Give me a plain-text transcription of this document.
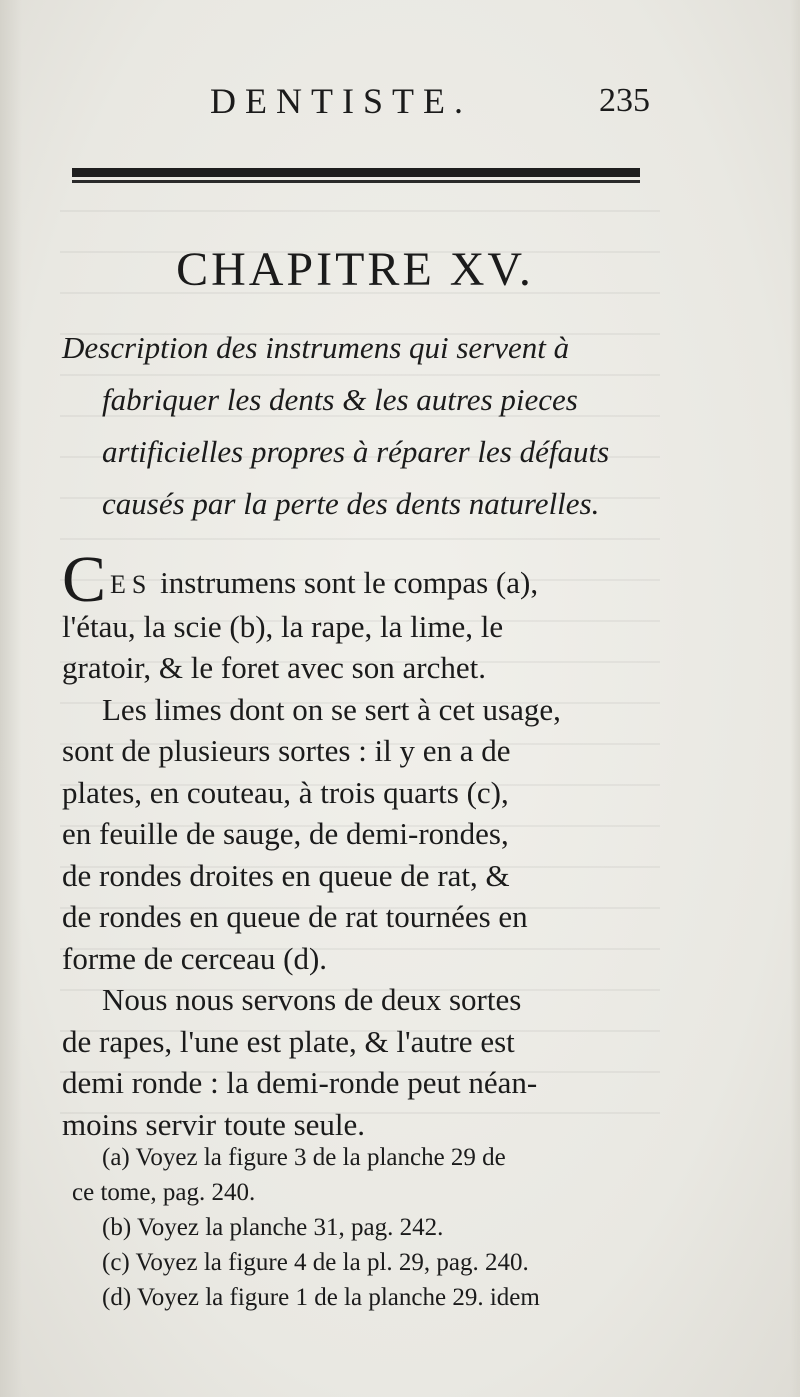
DENTISTE.	235
CHAPITRE XV.
Description des instrumens qui servent à
fabriquer les dents & les autres pieces
artificielles propres à réparer les défauts
causés par la perte des dents naturelles.
CES instrumens sont le compas (a),
l'étau, la scie (b), la rape, la lime, le
gratoir, & le foret avec son archet.
Les limes dont on se sert à cet usage,
sont de plusieurs sortes : il y en a de
plates, en couteau, à trois quarts (c),
en feuille de sauge, de demi-rondes,
de rondes droites en queue de rat, &
de rondes en queue de rat tournées en
forme de cerceau (d).
Nous nous servons de deux sortes
de rapes, l'une est plate, & l'autre est
demi ronde : la demi-ronde peut néan-
moins servir toute seule.
(a) Voyez la figure 3 de la planche 29 de
ce tome, pag. 240.
(b) Voyez la planche 31, pag. 242.
(c) Voyez la figure 4 de la pl. 29, pag. 240.
(d) Voyez la figure 1 de la planche 29. idem
